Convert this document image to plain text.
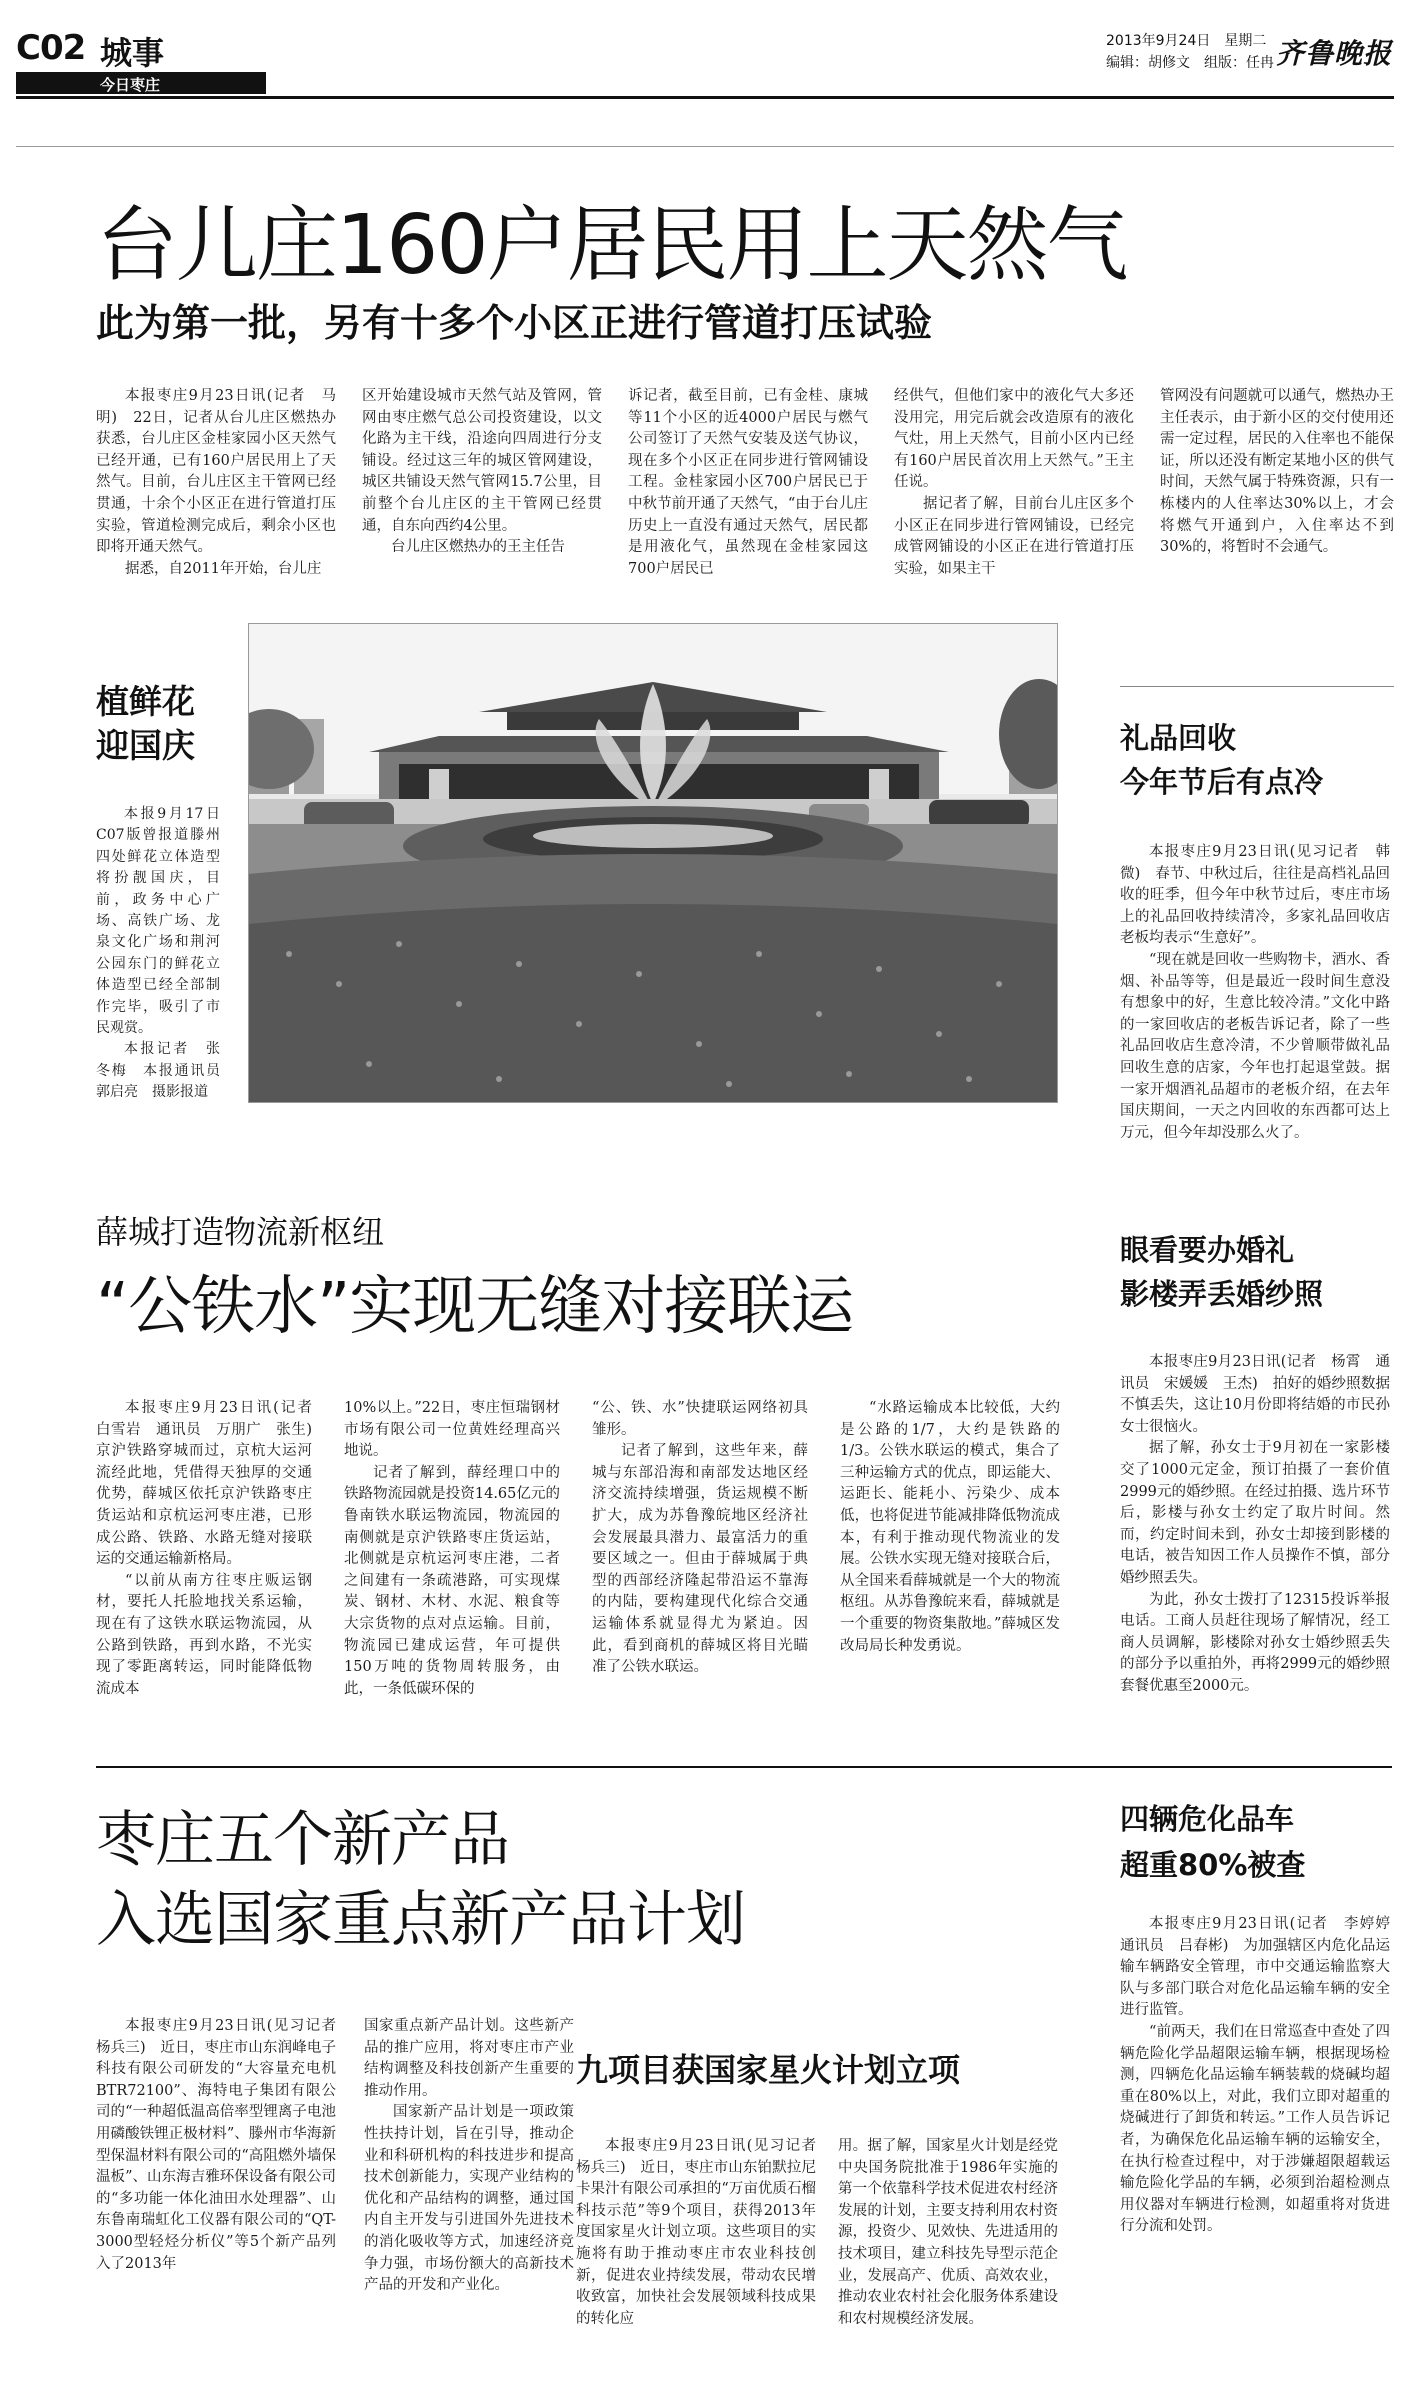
C02 城事
今日枣庄
2013年9月24日　星期二
编辑：胡修文　组版：任冉 齐鲁晚报
台儿庄160户居民用上天然气
此为第一批，另有十多个小区正进行管道打压试验

本报枣庄9月23日讯(记者　马明)　22日，记者从台儿庄区燃热办获悉，台儿庄区金桂家园小区天然气已经开通，已有160户居民用上了天然气。目前，台儿庄区主干管网已经贯通，十余个小区正在进行管道打压实验，管道检测完成后，剩余小区也即将开通天然气。

据悉，自2011年开始，台儿庄

区开始建设城市天然气站及管网，管网由枣庄燃气总公司投资建设，以文化路为主干线，沿途向四周进行分支铺设。经过这三年的城区管网建设，城区共铺设天然气管网15.7公里，目前整个台儿庄区的主干管网已经贯通，自东向西约4公里。

台儿庄区燃热办的王主任告

诉记者，截至目前，已有金桂、康城等11个小区的近4000户居民与燃气公司签订了天然气安装及送气协议，现在多个小区正在同步进行管网铺设工程。金桂家园小区700户居民已于中秋节前开通了天然气，“由于台儿庄历史上一直没有通过天然气，居民都是用液化气，虽然现在金桂家园这700户居民已

经供气，但他们家中的液化气大多还没用完，用完后就会改造原有的液化气灶，用上天然气，目前小区内已经有160户居民首次用上天然气。”王主任说。

据记者了解，目前台儿庄区多个小区正在同步进行管网铺设，已经完成管网铺设的小区正在进行管道打压实验，如果主干

管网没有问题就可以通气，燃热办王主任表示，由于新小区的交付使用还需一定过程，居民的入住率也不能保证，所以还没有断定某地小区的供气时间，天然气属于特殊资源，只有一栋楼内的人住率达30%以上，才会将燃气开通到户，入住率达不到30%的，将暂时不会通气。

植鲜花
迎国庆

本报9月17日C07版曾报道滕州四处鲜花立体造型将扮靓国庆，目前，政务中心广场、高铁广场、龙泉文化广场和荆河公园东门的鲜花立体造型已经全部制作完毕，吸引了市民观赏。

本报记者　张冬梅　本报通讯员　郭启亮　摄影报道

礼品回收
今年节后有点冷

本报枣庄9月23日讯(见习记者　韩微)　春节、中秋过后，往往是高档礼品回收的旺季，但今年中秋节过后，枣庄市场上的礼品回收持续清冷，多家礼品回收店老板均表示“生意好”。

“现在就是回收一些购物卡，酒水、香烟、补品等等，但是最近一段时间生意没有想象中的好，生意比较冷清。”文化中路的一家回收店的老板告诉记者，除了一些礼品回收店生意冷清，不少曾顺带做礼品回收生意的店家，今年也打起退堂鼓。据一家开烟酒礼品超市的老板介绍，在去年国庆期间，一天之内回收的东西都可达上万元，但今年却没那么火了。

薛城打造物流新枢纽
“公铁水”实现无缝对接联运

本报枣庄9月23日讯(记者　白雪岩　通讯员　万朋广　张生)　京沪铁路穿城而过，京杭大运河流经此地，凭借得天独厚的交通优势，薛城区依托京沪铁路枣庄货运站和京杭运河枣庄港，已形成公路、铁路、水路无缝对接联运的交通运输新格局。

“以前从南方往枣庄贩运钢材，要托人托脸地找关系运输，现在有了这铁水联运物流园，从公路到铁路，再到水路，不光实现了零距离转运，同时能降低物流成本

10%以上。”22日，枣庄恒瑞钢材市场有限公司一位黄姓经理高兴地说。

记者了解到，薛经理口中的铁路物流园就是投资14.65亿元的鲁南铁水联运物流园，物流园的南侧就是京沪铁路枣庄货运站，北侧就是京杭运河枣庄港，二者之间建有一条疏港路，可实现煤炭、钢材、木材、水泥、粮食等大宗货物的点对点运输。目前，物流园已建成运营，年可提供150万吨的货物周转服务，由此，一条低碳环保的

“公、铁、水”快捷联运网络初具雏形。

记者了解到，这些年来，薛城与东部沿海和南部发达地区经济交流持续增强，货运规模不断扩大，成为苏鲁豫皖地区经济社会发展最具潜力、最富活力的重要区域之一。但由于薛城属于典型的西部经济隆起带沿运不靠海的内陆，要构建现代化综合交通运输体系就显得尤为紧迫。因此，看到商机的薛城区将目光瞄准了公铁水联运。

“水路运输成本比较低，大约是公路的1/7，大约是铁路的1/3。公铁水联运的模式，集合了三种运输方式的优点，即运能大、运距长、能耗小、污染少、成本低，也将促进节能减排降低物流成本，有利于推动现代物流业的发展。公铁水实现无缝对接联合后，从全国来看薛城就是一个大的物流枢纽。从苏鲁豫皖来看，薛城就是一个重要的物资集散地。”薛城区发改局局长种发勇说。

眼看要办婚礼
影楼弄丢婚纱照

本报枣庄9月23日讯(记者　杨霄　通讯员　宋媛媛　王杰)　拍好的婚纱照数据不慎丢失，这让10月份即将结婚的市民孙女士很恼火。

据了解，孙女士于9月初在一家影楼交了1000元定金，预订拍摄了一套价值2999元的婚纱照。在经过拍摄、选片环节后，影楼与孙女士约定了取片时间。然而，约定时间未到，孙女士却接到影楼的电话，被告知因工作人员操作不慎，部分婚纱照丢失。

为此，孙女士拨打了12315投诉举报电话。工商人员赶往现场了解情况，经工商人员调解，影楼除对孙女士婚纱照丢失的部分予以重拍外，再将2999元的婚纱照套餐优惠至2000元。

枣庄五个新产品
入选国家重点新产品计划

本报枣庄9月23日讯(见习记者　杨兵三)　近日，枣庄市山东润峰电子科技有限公司研发的“大容量充电机BTR72100”、海特电子集团有限公司的“一种超低温高倍率型锂离子电池用磷酸铁锂正极材料”、滕州市华海新型保温材料有限公司的“高阻燃外墙保温板”、山东海吉雅环保设备有限公司的“多功能一体化油田水处理器”、山东鲁南瑞虹化工仪器有限公司的“QT-3000型轻烃分析仪”等5个新产品列入了2013年

国家重点新产品计划。这些新产品的推广应用，将对枣庄市产业结构调整及科技创新产生重要的推动作用。

国家新产品计划是一项政策性扶持计划，旨在引导，推动企业和科研机构的科技进步和提高技术创新能力，实现产业结构的优化和产品结构的调整，通过国内自主开发与引进国外先进技术的消化吸收等方式，加速经济竞争力强，市场份额大的高新技术产品的开发和产业化。

九项目获国家星火计划立项

本报枣庄9月23日讯(见习记者　杨兵三)　近日，枣庄市山东铂默拉尼卡果汁有限公司承担的“万亩优质石榴科技示范”等9个项目，获得2013年度国家星火计划立项。这些项目的实施将有助于推动枣庄市农业科技创新，促进农业持续发展，带动农民增收致富，加快社会发展领域科技成果的转化应

用。据了解，国家星火计划是经党中央国务院批准于1986年实施的第一个依靠科学技术促进农村经济发展的计划，主要支持利用农村资源，投资少、见效快、先进适用的技术项目，建立科技先导型示范企业，发展高产、优质、高效农业，推动农业农村社会化服务体系建设和农村规模经济发展。

四辆危化品车
超重80%被查

本报枣庄9月23日讯(记者　李婷婷　通讯员　吕春彬)　为加强辖区内危化品运输车辆路安全管理，市中交通运输监察大队与多部门联合对危化品运输车辆的安全进行监管。

“前两天，我们在日常巡查中查处了四辆危险化学品超限运输车辆，根据现场检测，四辆危化品运输车辆装载的烧碱均超重在80%以上，对此，我们立即对超重的烧碱进行了卸货和转运。”工作人员告诉记者，为确保危化品运输车辆的运输安全，在执行检查过程中，对于涉嫌超限超载运输危险化学品的车辆，必须到治超检测点用仪器对车辆进行检测，如超重将对货进行分流和处罚。
